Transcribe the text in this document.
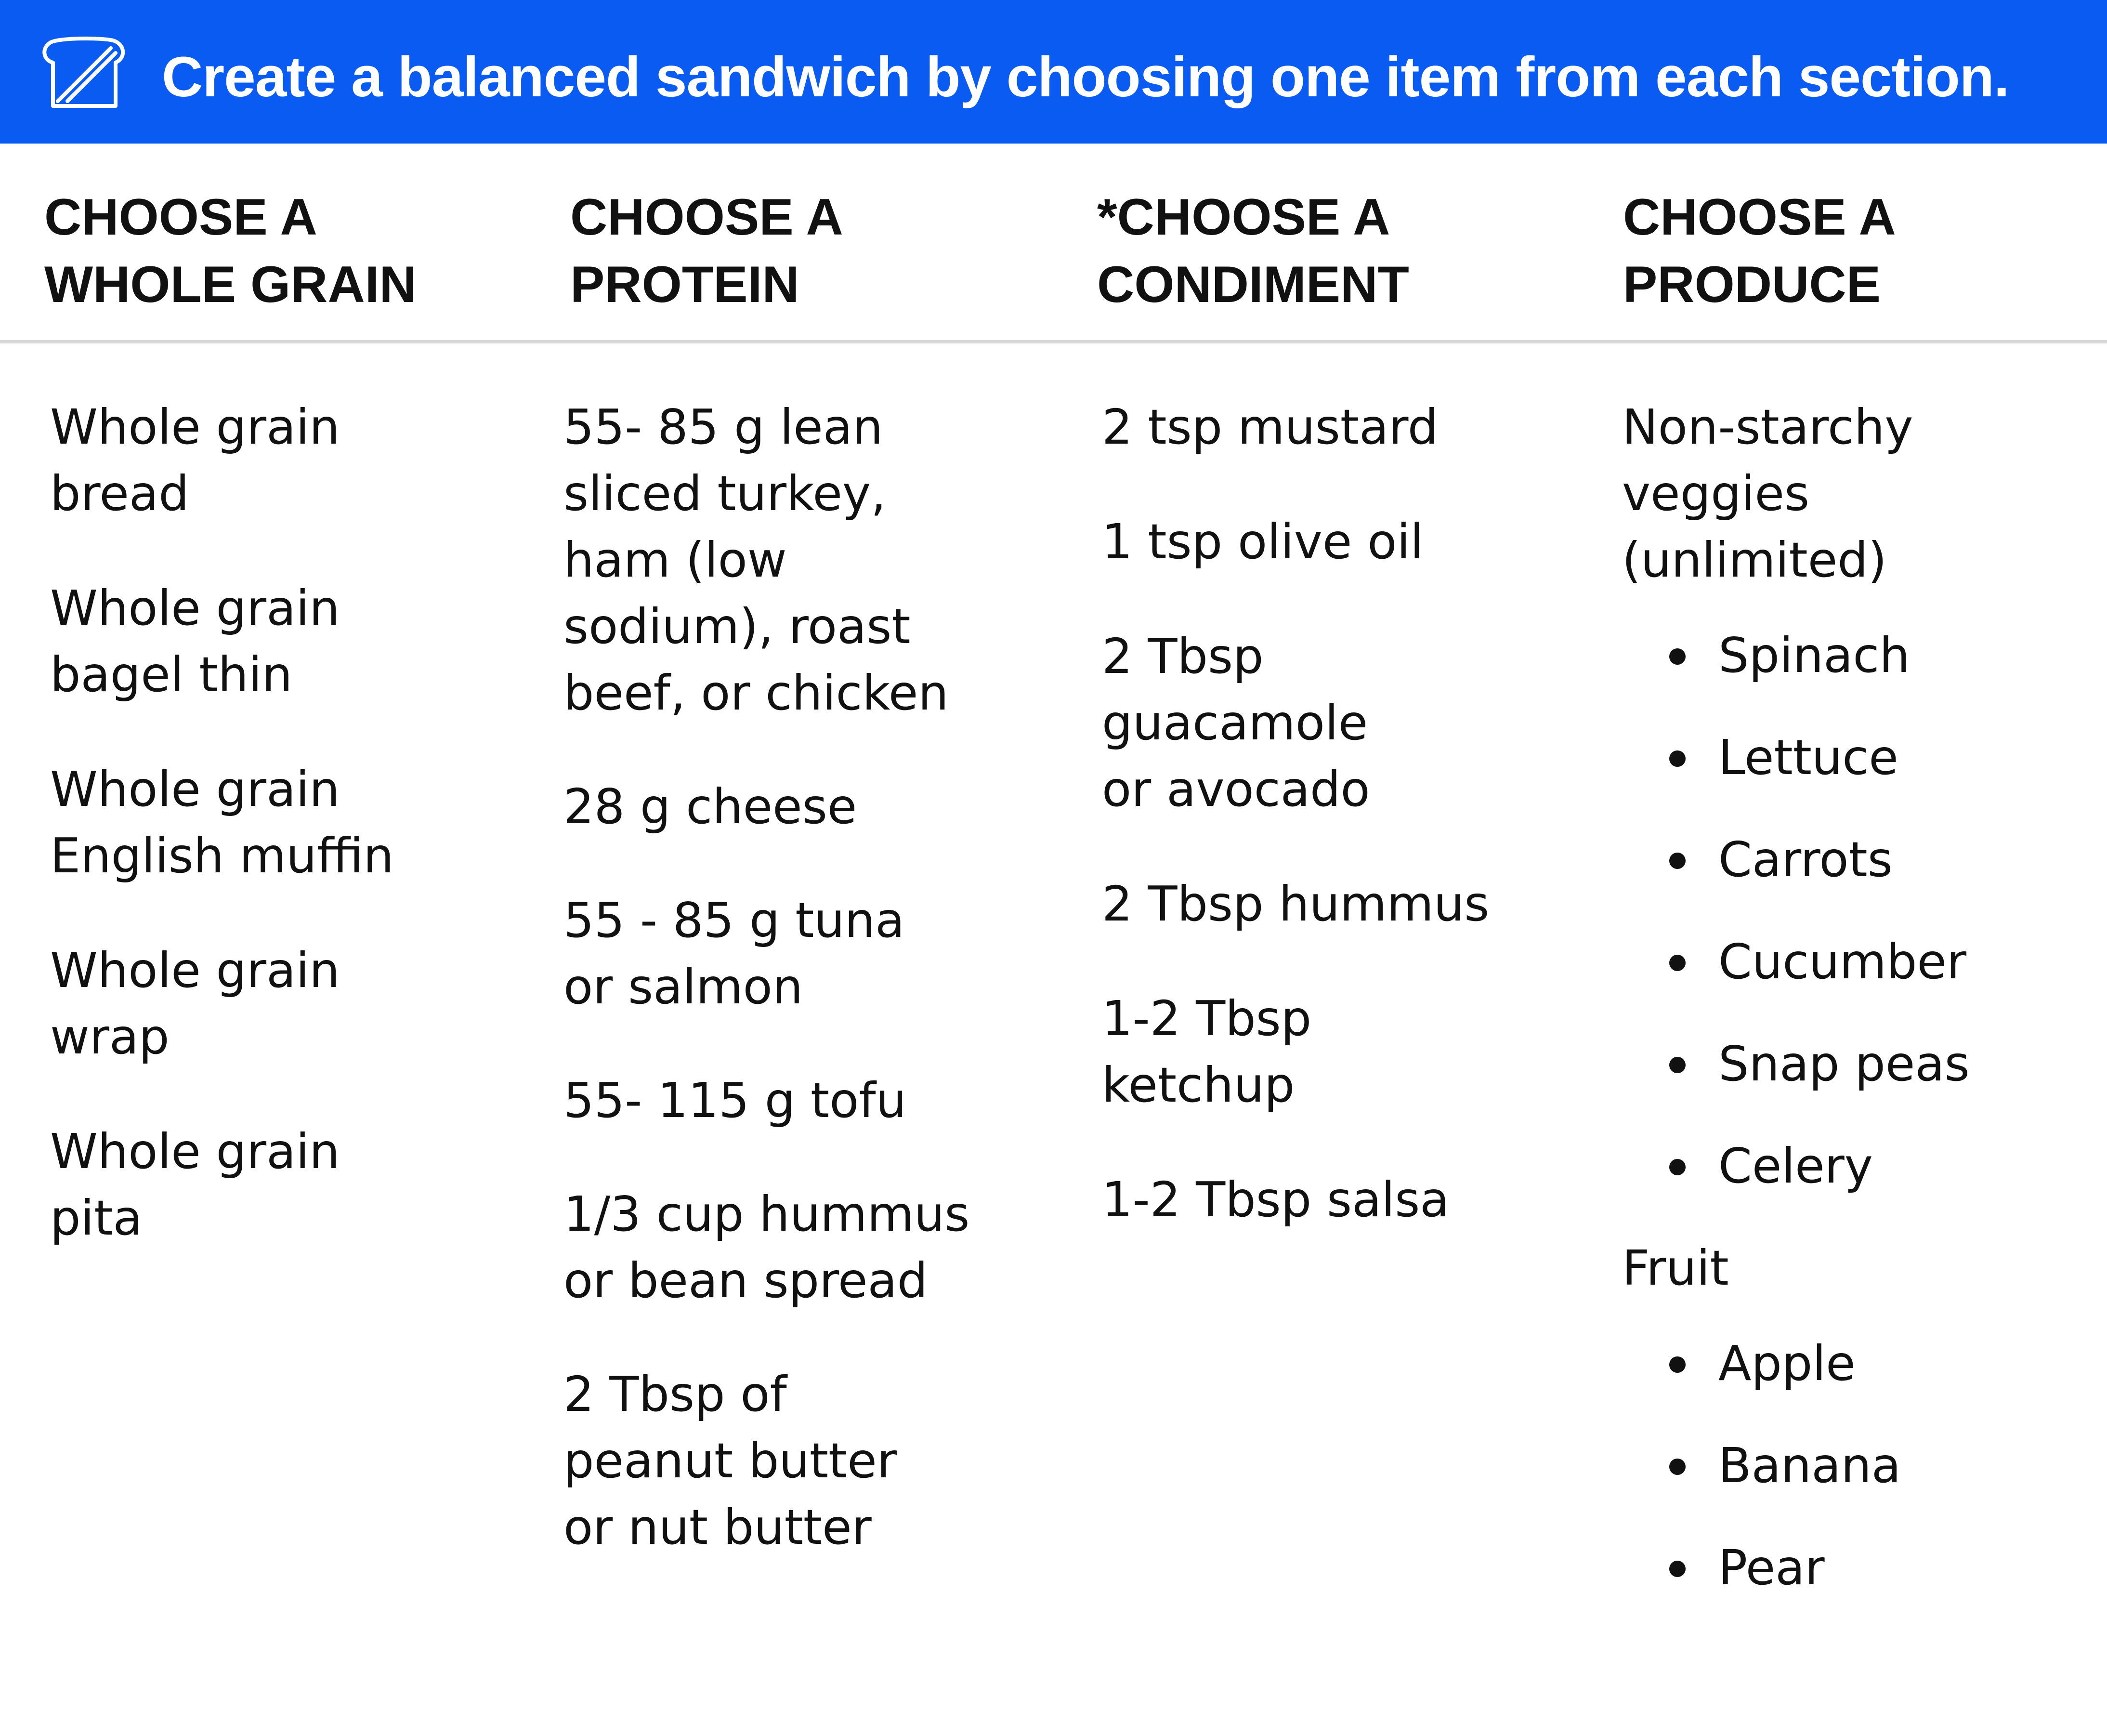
Create a balanced sandwich by choosing one item from each section.
CHOOSE A
WHOLE GRAIN
CHOOSE A
PROTEIN
*CHOOSE A
CONDIMENT
CHOOSE A
PRODUCE
Whole grain
bread
Whole grain
bagel thin
Whole grain
English muffin
Whole grain
wrap
Whole grain
pita
55- 85 g lean
sliced turkey,
ham (low
sodium), roast
beef, or chicken
28 g cheese
55 - 85 g tuna
or salmon
55- 115 g tofu
1/3 cup hummus
or bean spread
2 Tbsp of
peanut butter
or nut butter
2 tsp mustard
1 tsp olive oil
2 Tbsp
guacamole
or avocado
2 Tbsp hummus
1-2 Tbsp
ketchup
1-2 Tbsp salsa
Non-starchy
veggies
(unlimited)
Spinach
Lettuce
Carrots
Cucumber
Snap peas
Celery
Fruit
Apple
Banana
Pear
